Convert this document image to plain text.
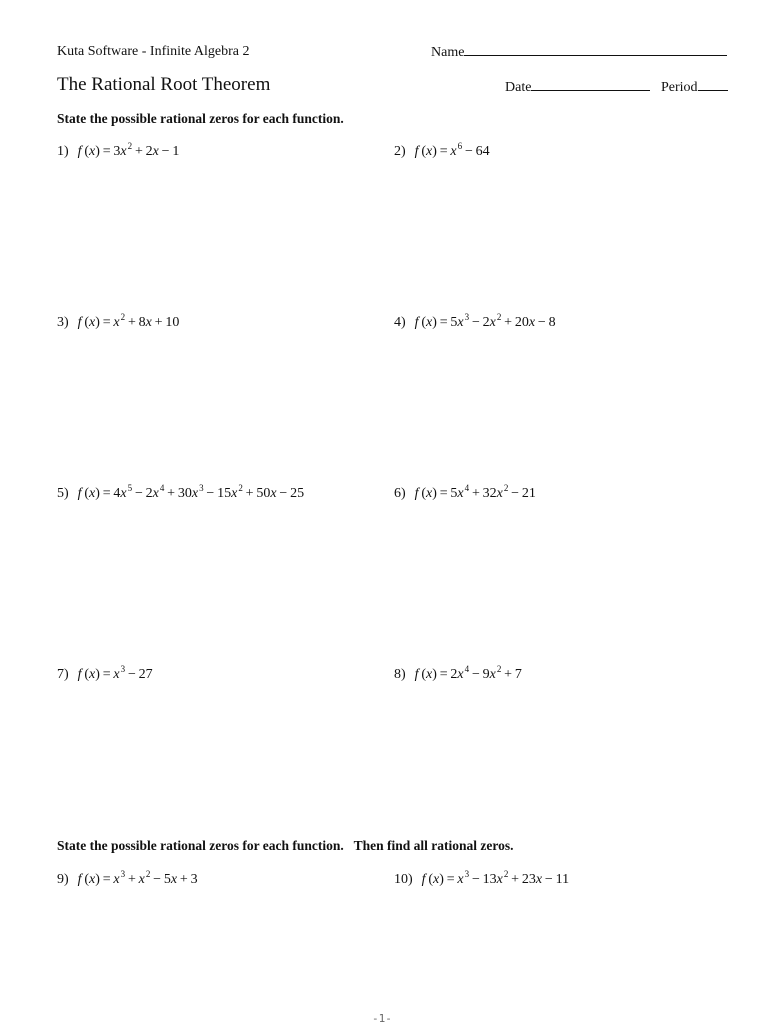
Kuta Software - Infinite Algebra 2	Name
The Rational Root Theorem	Date	Period
State the possible rational zeros for each function.
State the possible rational zeros for each function.   Then find all rational zeros.
1) f $(x) = 3x^2 + 2x - 1$	2) f $(x) = x^6 - 64$
3) f $(x) = x^2 + 8x + 10$	4) f $(x) = 5x^3 - 2x^2 + 20x - 8$
5) f $(x) = 4x^5 - 2x^4 + 30x^3 - 15x^2 + 50x - 25$	6) f $(x) = 5x^4 + 32x^2 - 21$
7) f $(x) = x^3 - 27$	8) f $(x) = 2x^4 - 9x^2 + 7$
9) f $(x) = x^3 + x^2 - 5x + 3$	10) f $(x) = x^3 - 13x^2 + 23x - 11$
-1-
